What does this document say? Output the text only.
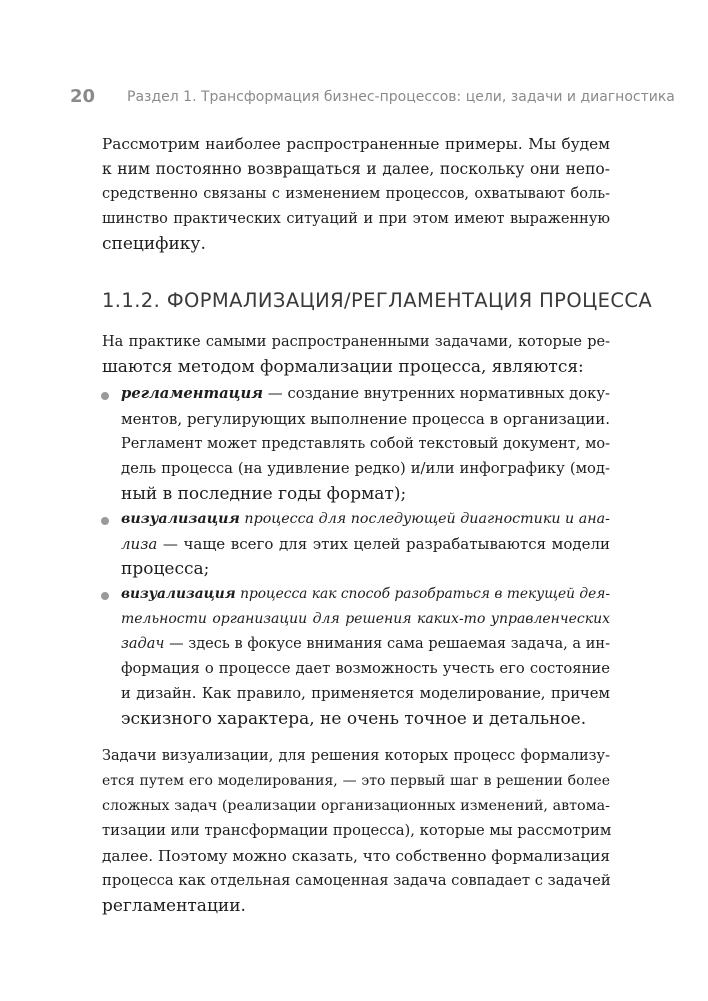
20 Раздел 1. Трансформация бизнес-процессов: цели, задачи и диагностика
Рассмотрим наиболее распространенные примеры. Мы будем
к ним постоянно возвращаться и далее, поскольку они непо -
средственно связаны с изменением процессов, охватывают боль -
шинство практических ситуаций и при этом имеют выраженную
специфику.
1.1.2. ФОРМАЛИЗАЦИЯ/РЕГЛАМЕНТАЦИЯ ПРОЦЕССА
На практике самыми распространенными задачами, которые ре -
шаются методом формализации процесса, являются:
регламентация — создание внутренних нормативных доку -
ментов, регулирующих выполнение процесса в организации.
Регламент может представлять собой текстовый документ, мо -
дель процесса (на удивление редко) и/или инфографику (мод -
ный в последние годы формат);
визуализация процесса для последующей диагностики и ана -
лиза — чаще всего для этих целей разрабатываются модели
процесса;
визуализация процесса как способ разобраться в текущей дея -
тельности организации для решения каких-то управленческих
задач — здесь в фокусе внимания сама решаемая задача, а ин -
формация о процессе дает возможность учесть его состояние
и дизайн. Как правило, применяется моделирование, причем
эскизного характера, не очень точное и детальное.
Задачи визуализации, для решения которых процесс формализу -
ется путем его моделирования, — это первый шаг в решении более
сложных задач (реализации организационных изменений, автома -
тизации или трансформации процесса), которые мы рассмотрим
далее. Поэтому можно сказать, что собственно формализация
процесса как отдельная самоценная задача совпадает с задачей
регламентации.
